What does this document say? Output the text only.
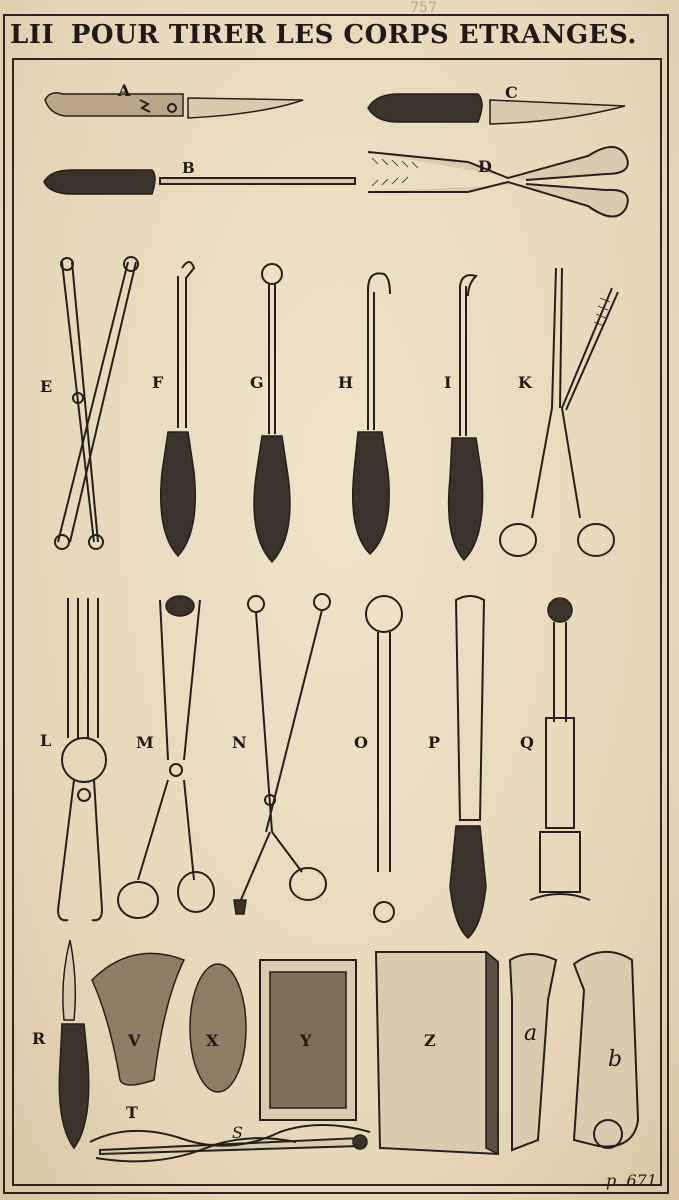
757
LII POUR TIRER LES CORPS ETRANGES.
A	C
B	D
E	F	G	H	I	K
L	M	N	O	P	Q
R	V	X	Y	Z	a
b
T
S
p. 671
